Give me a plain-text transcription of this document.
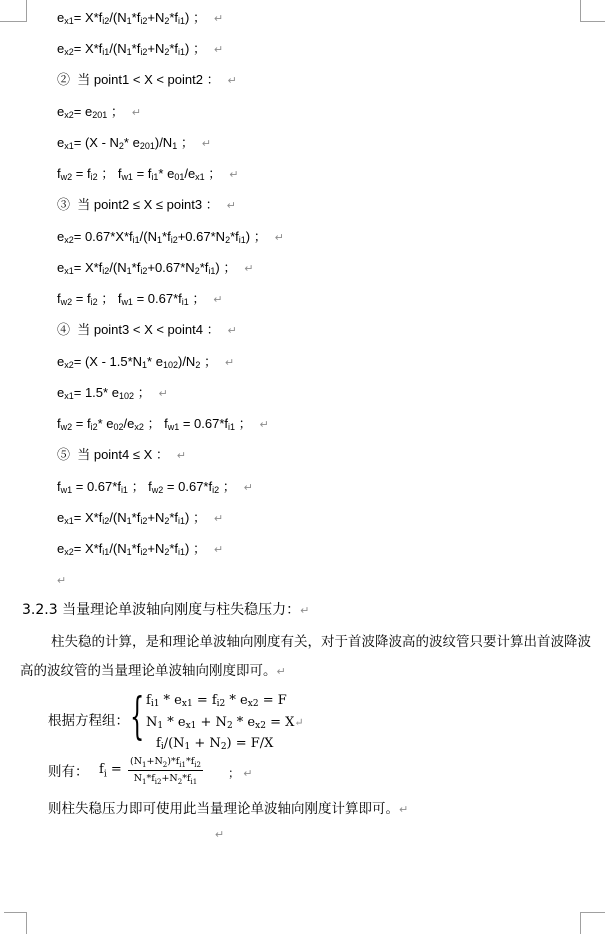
$e_{x1}= X*f_{i2}/(N_1*f_{i2}+N_2*f_{i1})$ ； ↵
$e_{x2}= X*f_{i1}/(N_1*f_{i2}+N_2*f_{i1})$ ； ↵
②  当 point1 < X < point2 ： ↵
$e_{x2}= e_{201}$ ； ↵
$e_{x1}= (X - N_2*$ $e_{201})/N_1$ ； ↵
$f_{w2} = f_{i2}$ ； $f_{w1} = f_{i1}*$ $e_{01}/e_{x1}$ ； ↵
③  当 point2 ≤ X ≤ point3 ： ↵
$e_{x2}= 0.67*X*f_{i1}/(N_1*f_{i2}+0.67*N_2*f_{i1})$ ； ↵
$e_{x1}= X*f_{i2}/(N_1*f_{i2}+0.67*N_2*f_{i1})$ ； ↵
$f_{w2} = f_{i2}$ ； $f_{w1} = 0.67*f_{i1}$ ； ↵
④  当 point3 < X < point4 ： ↵
$e_{x2}= (X - 1.5*N_1*$ $e_{102})/N_2$ ； ↵
$e_{x1}= 1.5*$ $e_{102}$ ； ↵
$f_{w2} = f_{i2}*$ $e_{02}/e_{x2}$ ； $f_{w1} = 0.67*f_{i1}$ ； ↵
⑤  当 point4 ≤ X ： ↵
$f_{w1} = 0.67*f_{i1}$ ； $f_{w2} = 0.67*f_{i2}$ ； ↵
$e_{x1}= X*f_{i2}/(N_1*f_{i2}+N_2*f_{i1})$ ； ↵
$e_{x2}= X*f_{i1}/(N_1*f_{i2}+N_2*f_{i1})$ ； ↵
↵
3.2.3 当量理论单波轴向刚度与柱失稳压力：↵
柱失稳的计算，是和理论单波轴向刚度有关，对于首波降波高的波纹管只要计算出首波降波高的波纹管的当量理论单波轴向刚度即可。↵
根据方程组： { $f_{i1} * e_{x1} = f_{i2} * e_{x2} = F$
$N_1 * e_{x1} + N_2 * e_{x2}$ = X↵
$f_i/(N_1 + N_2) = F/X$
则有： $f_i = \frac{(N_1+N_2)*f_{i1}*f_{i2}}{N_1*f_{i2}+N_2*f_{i1}}$ ； ↵
则柱失稳压力即可使用此当量理论单波轴向刚度计算即可。↵
↵
